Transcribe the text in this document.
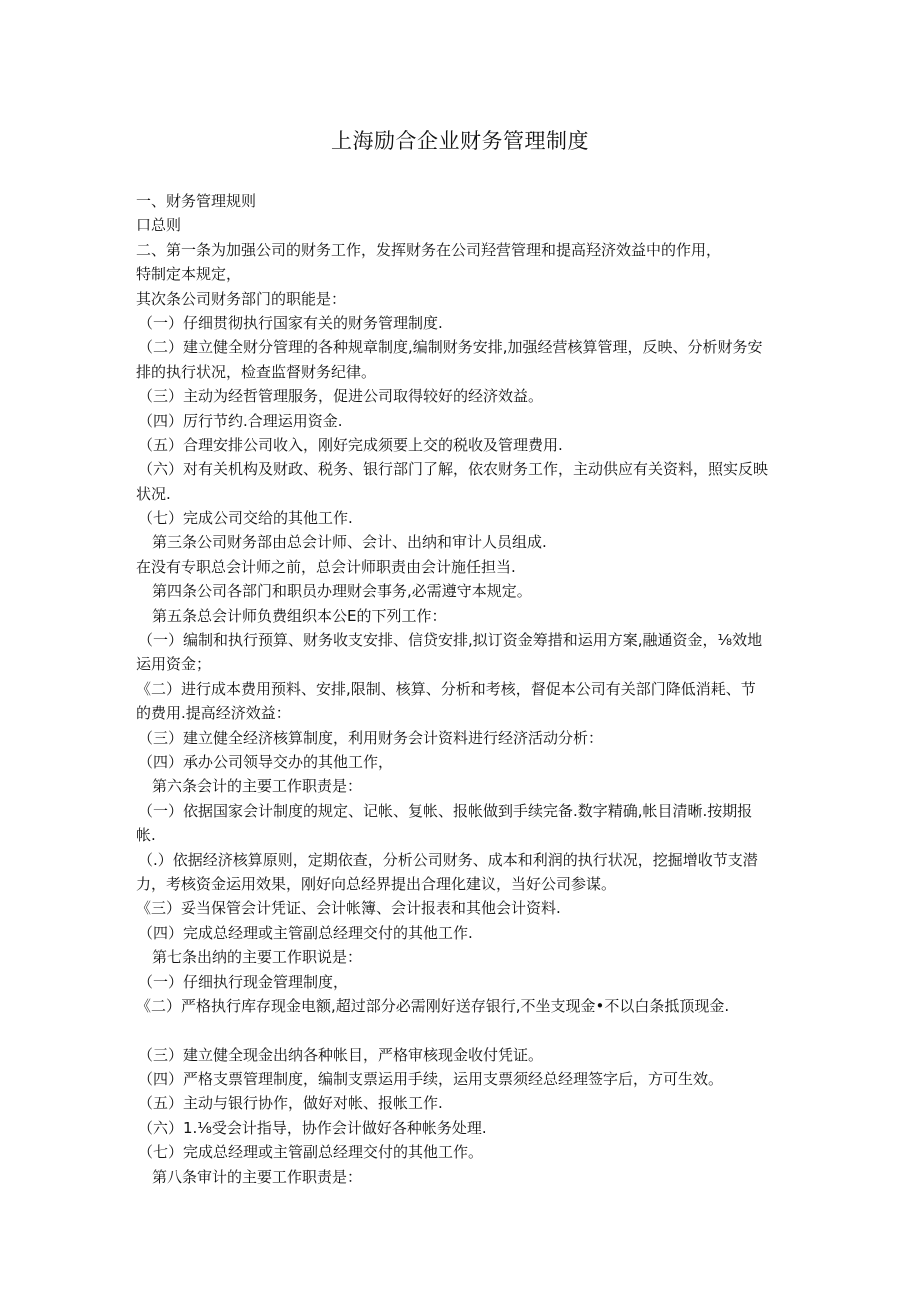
上海励合企业财务管理制度
一、财务管理规则
口总则
二、第一条为加强公司的财务工作，发挥财务在公司羟营管理和提高羟济效益中的作用，
特制定本规定，
其次条公司财务部门的职能是：
（一）仔细贯彻执行国家有关的财务管理制度.
（二）建立健全财分管理的各种规章制度,编制财务安排,加强经营核算管理，反映、分析财务安
排的执行状况，检查监督财务纪律。
（三）主动为经哲管理服务，促进公司取得较好的经济效益。
（四）厉行节约.合理运用资金.
（五）合理安排公司收入，刚好完成须要上交的税收及管理费用.
（六）对有关机构及财政、税务、银行部门了解，依农财务工作，主动供应有关资料，照实反映
状况.
（七）完成公司交给的其他工作.
第三条公司财务部由总会计师、会计、出纳和审计人员组成.
在没有专职总会计师之前，总会计师职责由会计施任担当.
第四条公司各部门和职员办理财会事务,必需遵守本规定。
第五条总会计师负费组织本公E的下列工作：
（一）编制和执行预算、财务收支安排、信贷安排,拟订资金筹措和运用方案,融通资金，⅛效地
运用资金；
《二）进行成本费用预料、安排,限制、核算、分析和考核，督促本公司有关部门降低消耗、节
的费用.提高经济效益：
（三）建立健全经济核算制度，利用财务会计资料进行经济活动分析：
（四）承办公司领导交办的其他工作，
第六条会计的主要工作职责是：
（一）依据国家会计制度的规定、记帐、复帐、报帐做到手续完备.数字精确,帐目清晰.按期报
帐.
（.）依据经济核算原则，定期依查，分析公司财务、成本和利润的执行状况，挖掘增收节支潜
力，考核资金运用效果，刚好向总经界提出合理化建议，当好公司参谋。
《三）妥当保管会计凭证、会计帐簿、会计报表和其他会计资料.
（四）完成总经理或主管副总经理交付的其他工作.
第七条出纳的主要工作职说是：
（一）仔细执行现金管理制度，
《二）严格执行库存现金电额,超过部分必需刚好送存银行,不坐支现金•不以白条抵顶现金.
（三）建立健全现金出纳各种帐目，严格审核现金收付凭证。
（四）严格支票管理制度，编制支票运用手续，运用支票须经总经理签字后，方可生效。
（五）主动与银行协作，做好对帐、报帐工作.
（六）1.⅛受会计指导，协作会计做好各种帐务处理.
（七）完成总经理或主管副总经理交付的其他工作。
第八条审计的主要工作职责是：
